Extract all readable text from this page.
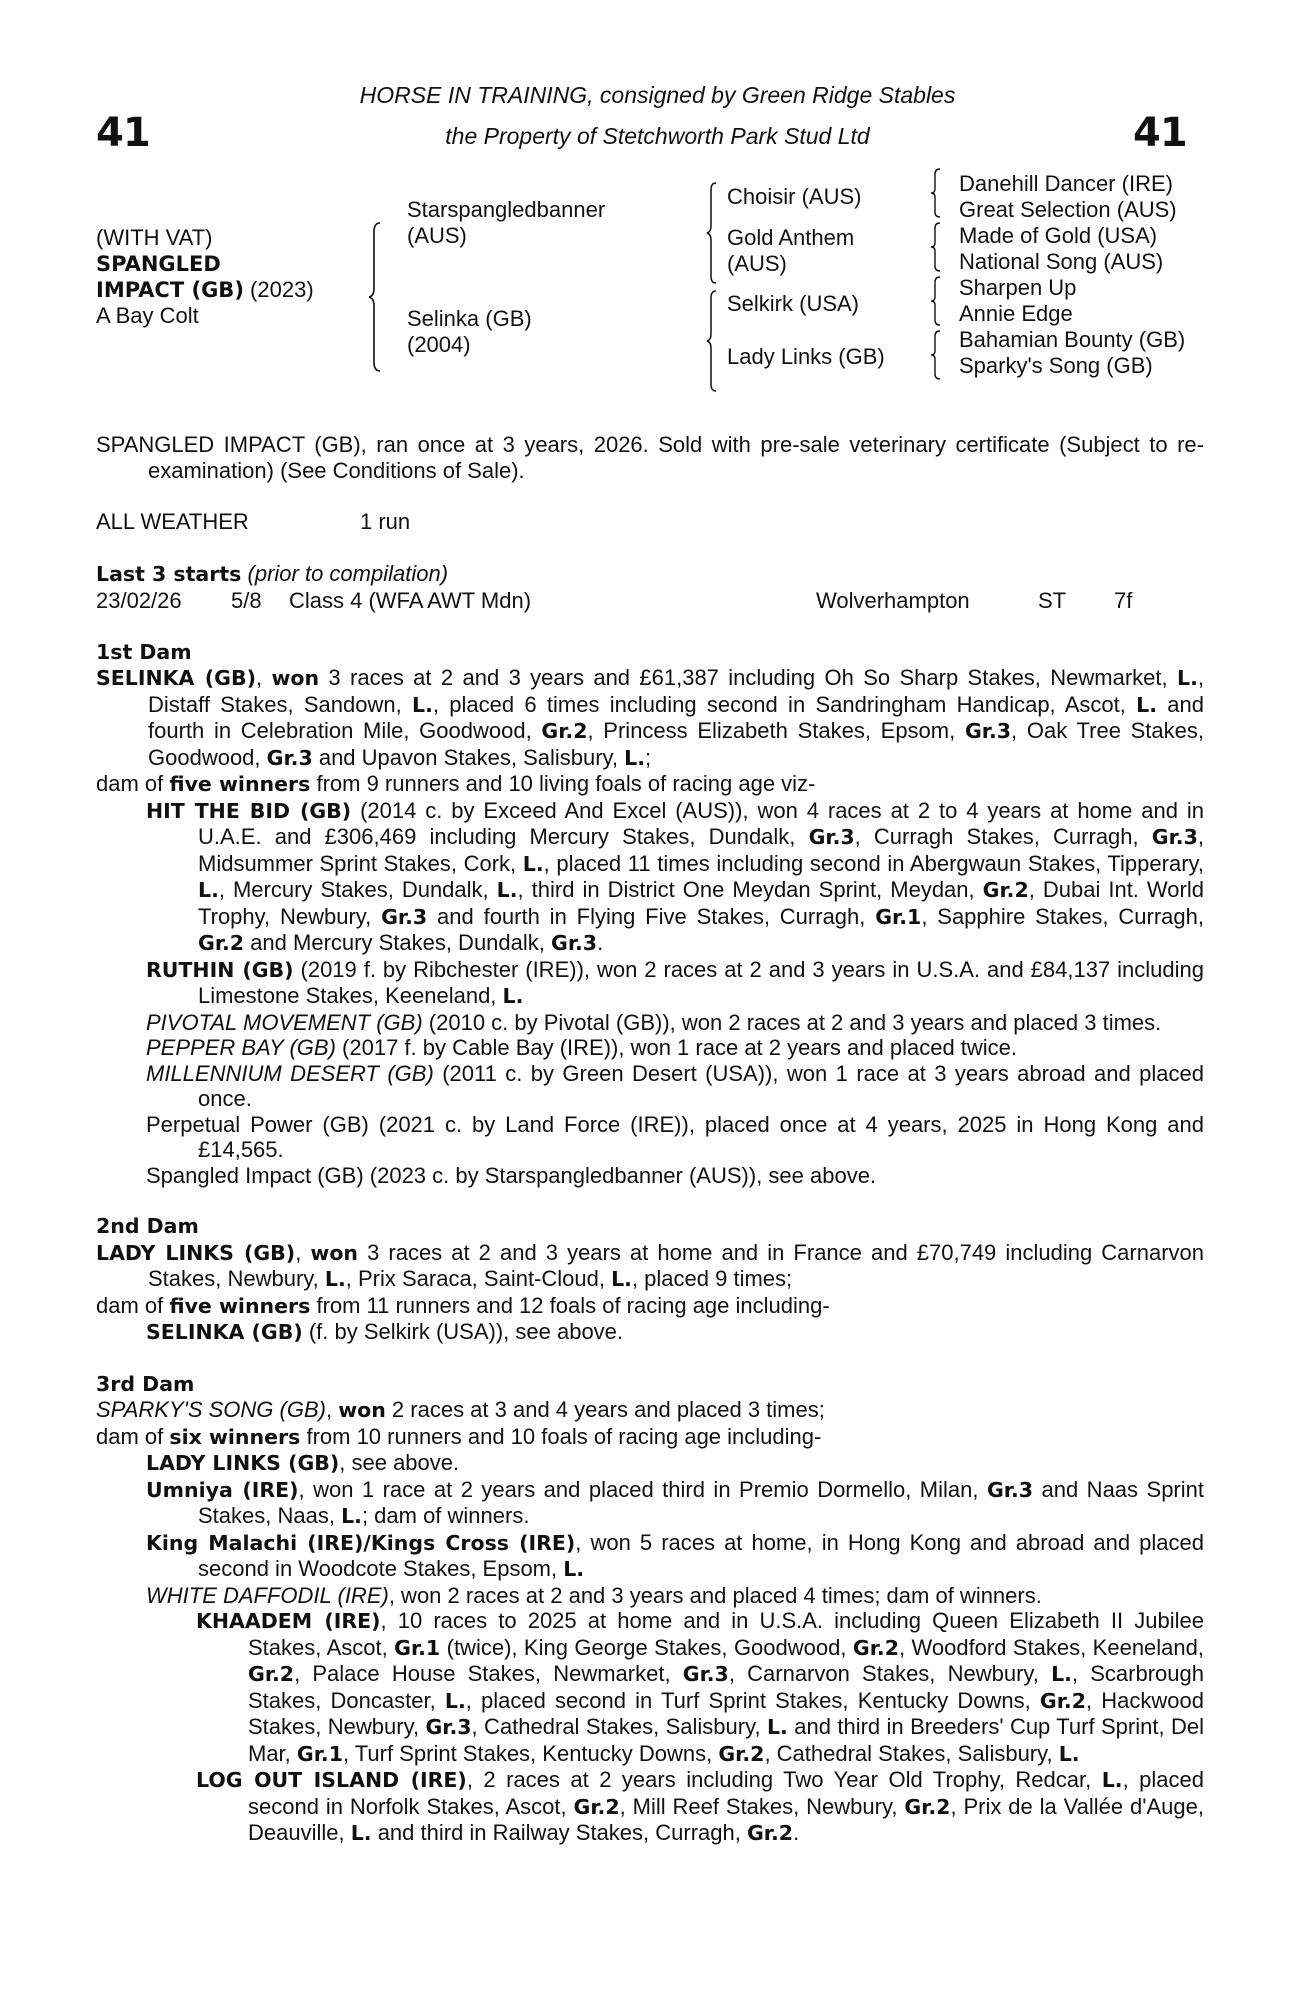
41	41
HORSE IN TRAINING, consigned by Green Ridge Stables
the Property of Stetchworth Park Stud Ltd
(WITH VAT)
SPANGLED
IMPACT (GB) (2023)
A Bay Colt
Starspangledbanner
(AUS)
Selinka (GB)
(2004)
Choisir (AUS)
Gold Anthem
(AUS)
Selkirk (USA)
Lady Links (GB)
Danehill Dancer (IRE)
Great Selection (AUS)
Made of Gold (USA)
National Song (AUS)
Sharpen Up
Annie Edge
Bahamian Bounty (GB)
Sparky's Song (GB)
SPANGLED IMPACT (GB), ran once at 3 years, 2026. Sold with pre-sale veterinary certificate (Subject to re-examination) (See Conditions of Sale).
ALL WEATHER	1 run
Last 3 starts (prior to compilation)
23/02/26 5/8 Class 4 (WFA AWT Mdn)	Wolverhampton	ST 7f
1st Dam
SELINKA (GB), won 3 races at 2 and 3 years and £61,387 including Oh So Sharp Stakes, Newmarket, L., Distaff Stakes, Sandown, L., placed 6 times including second in Sandringham Handicap, Ascot, L. and fourth in Celebration Mile, Goodwood, Gr.2, Princess Elizabeth Stakes, Epsom, Gr.3, Oak Tree Stakes, Goodwood, Gr.3 and Upavon Stakes, Salisbury, L.;
dam of five winners from 9 runners and 10 living foals of racing age viz-
HIT THE BID (GB) (2014 c. by Exceed And Excel (AUS)), won 4 races at 2 to 4 years at home and in U.A.E. and £306,469 including Mercury Stakes, Dundalk, Gr.3, Curragh Stakes, Curragh, Gr.3, Midsummer Sprint Stakes, Cork, L., placed 11 times including second in Abergwaun Stakes, Tipperary, L., Mercury Stakes, Dundalk, L., third in District One Meydan Sprint, Meydan, Gr.2, Dubai Int. World Trophy, Newbury, Gr.3 and fourth in Flying Five Stakes, Curragh, Gr.1, Sapphire Stakes, Curragh, Gr.2 and Mercury Stakes, Dundalk, Gr.3.
RUTHIN (GB) (2019 f. by Ribchester (IRE)), won 2 races at 2 and 3 years in U.S.A. and £84,137 including Limestone Stakes, Keeneland, L.
PIVOTAL MOVEMENT (GB) (2010 c. by Pivotal (GB)), won 2 races at 2 and 3 years and placed 3 times.
PEPPER BAY (GB) (2017 f. by Cable Bay (IRE)), won 1 race at 2 years and placed twice.
MILLENNIUM DESERT (GB) (2011 c. by Green Desert (USA)), won 1 race at 3 years abroad and placed once.
Perpetual Power (GB) (2021 c. by Land Force (IRE)), placed once at 4 years, 2025 in Hong Kong and £14,565.
Spangled Impact (GB) (2023 c. by Starspangledbanner (AUS)), see above.
2nd Dam
LADY LINKS (GB), won 3 races at 2 and 3 years at home and in France and £70,749 including Carnarvon Stakes, Newbury, L., Prix Saraca, Saint-Cloud, L., placed 9 times;
dam of five winners from 11 runners and 12 foals of racing age including-
SELINKA (GB) (f. by Selkirk (USA)), see above.
3rd Dam
SPARKY'S SONG (GB), won 2 races at 3 and 4 years and placed 3 times;
dam of six winners from 10 runners and 10 foals of racing age including-
LADY LINKS (GB), see above.
Umniya (IRE), won 1 race at 2 years and placed third in Premio Dormello, Milan, Gr.3 and Naas Sprint Stakes, Naas, L.; dam of winners.
King Malachi (IRE)/Kings Cross (IRE), won 5 races at home, in Hong Kong and abroad and placed second in Woodcote Stakes, Epsom, L.
WHITE DAFFODIL (IRE), won 2 races at 2 and 3 years and placed 4 times; dam of winners.
KHAADEM (IRE), 10 races to 2025 at home and in U.S.A. including Queen Elizabeth II Jubilee Stakes, Ascot, Gr.1 (twice), King George Stakes, Goodwood, Gr.2, Woodford Stakes, Keeneland, Gr.2, Palace House Stakes, Newmarket, Gr.3, Carnarvon Stakes, Newbury, L., Scarbrough Stakes, Doncaster, L., placed second in Turf Sprint Stakes, Kentucky Downs, Gr.2, Hackwood Stakes, Newbury, Gr.3, Cathedral Stakes, Salisbury, L. and third in Breeders' Cup Turf Sprint, Del Mar, Gr.1, Turf Sprint Stakes, Kentucky Downs, Gr.2, Cathedral Stakes, Salisbury, L.
LOG OUT ISLAND (IRE), 2 races at 2 years including Two Year Old Trophy, Redcar, L., placed second in Norfolk Stakes, Ascot, Gr.2, Mill Reef Stakes, Newbury, Gr.2, Prix de la Vallée d'Auge, Deauville, L. and third in Railway Stakes, Curragh, Gr.2.
